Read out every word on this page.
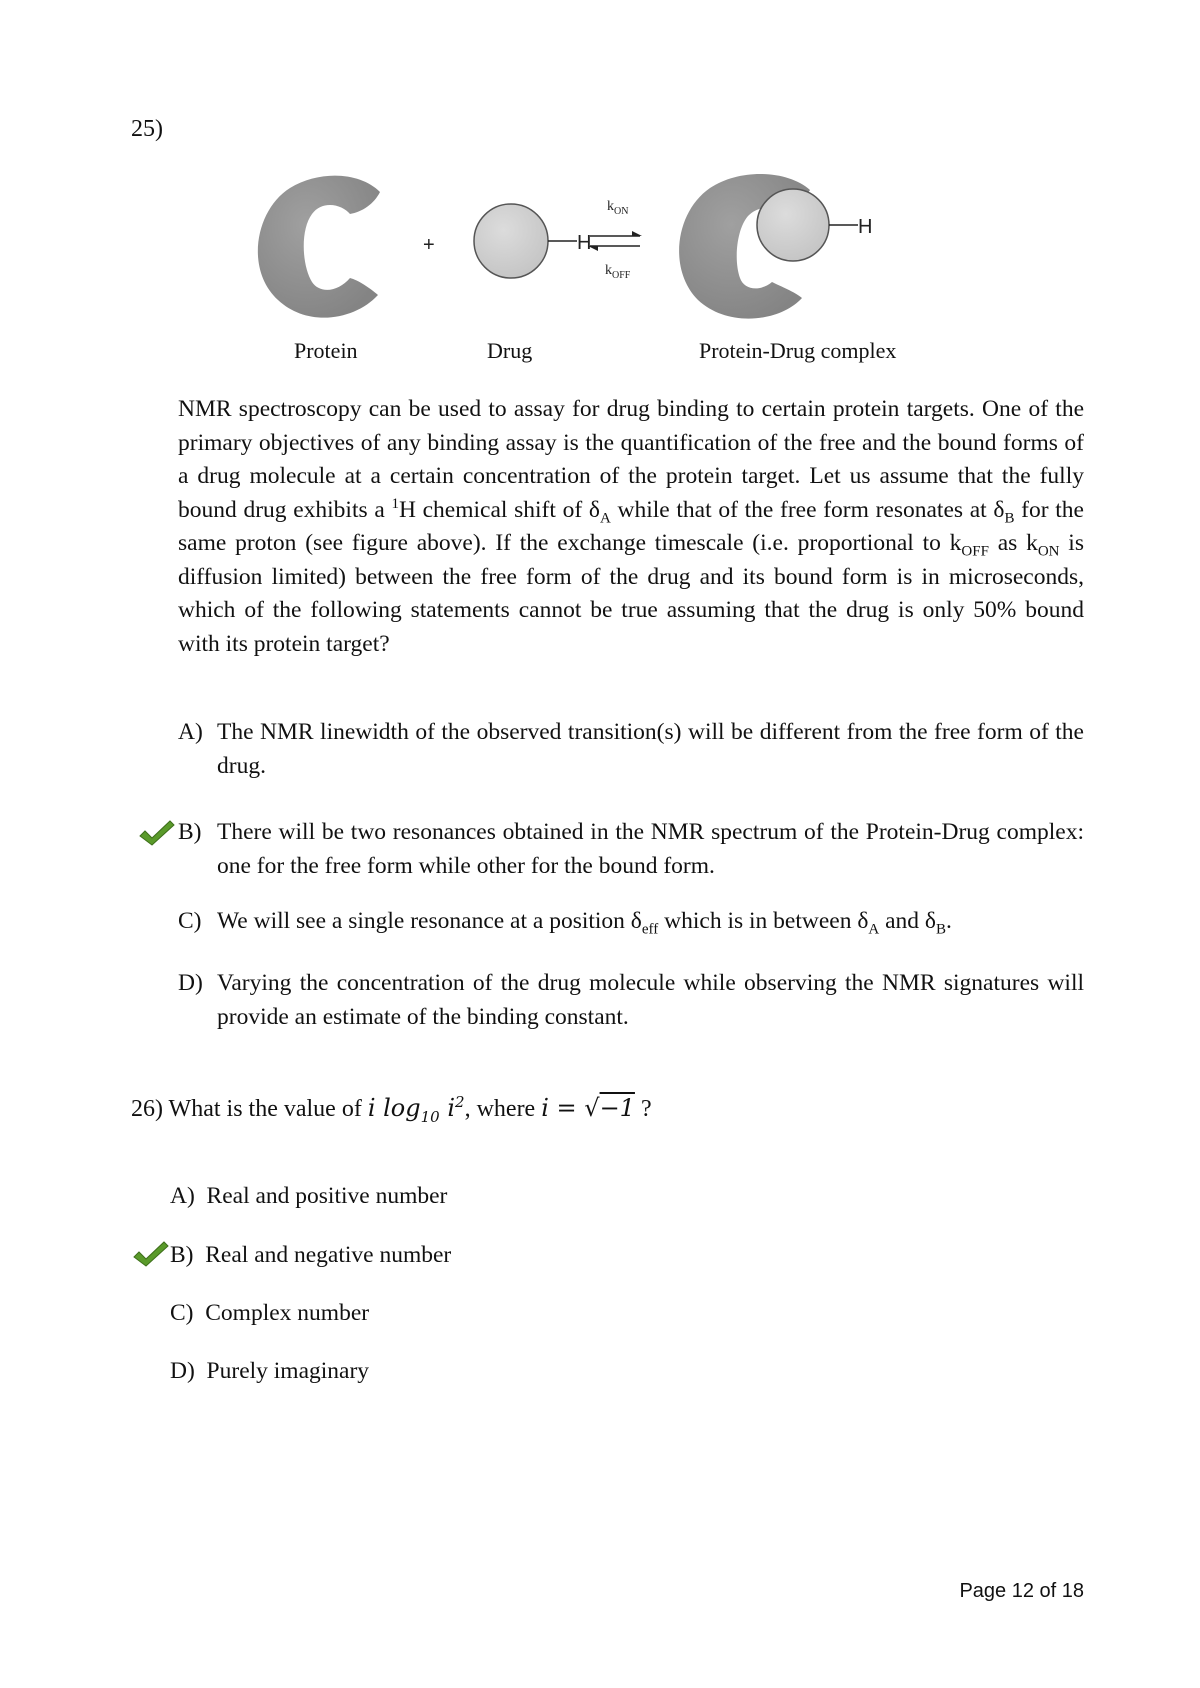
25)
+	H
$k_{ON}$
$k_{OFF}$
H
Protein	Drug	Protein-Drug complex
NMR spectroscopy can be used to assay for drug binding to certain protein targets. One of the primary objectives of any binding assay is the quantification of the free and the bound forms of a drug molecule at a certain concentration of the protein target. Let us assume that the fully bound drug exhibits a $^1$H chemical shift of $\delta_A$ while that of the free form resonates at $\delta_B$ for the same proton (see figure above). If the exchange timescale (i.e. proportional to $k_{OFF}$ as $k_{ON}$ is diffusion limited) between the free form of the drug and its bound form is in microseconds, which of the following statements cannot be true assuming that the drug is only 50% bound with its protein target?
A) The NMR linewidth of the observed transition(s) will be different from the free form of the drug.
B) There will be two resonances obtained in the NMR spectrum of the Protein-Drug complex: one for the free form while other for the bound form.
C) We will see a single resonance at a position $\delta_{eff}$ which is in between $\delta_A$ and $\delta_B$.
D) Varying the concentration of the drug molecule while observing the NMR signatures will provide an estimate of the binding constant.
26) What is the value of i $\log_{10} i^2$, where i = √−1 ?
A) Real and positive number
B) Real and negative number
C) Complex number
D) Purely imaginary
Page 12 of 18
